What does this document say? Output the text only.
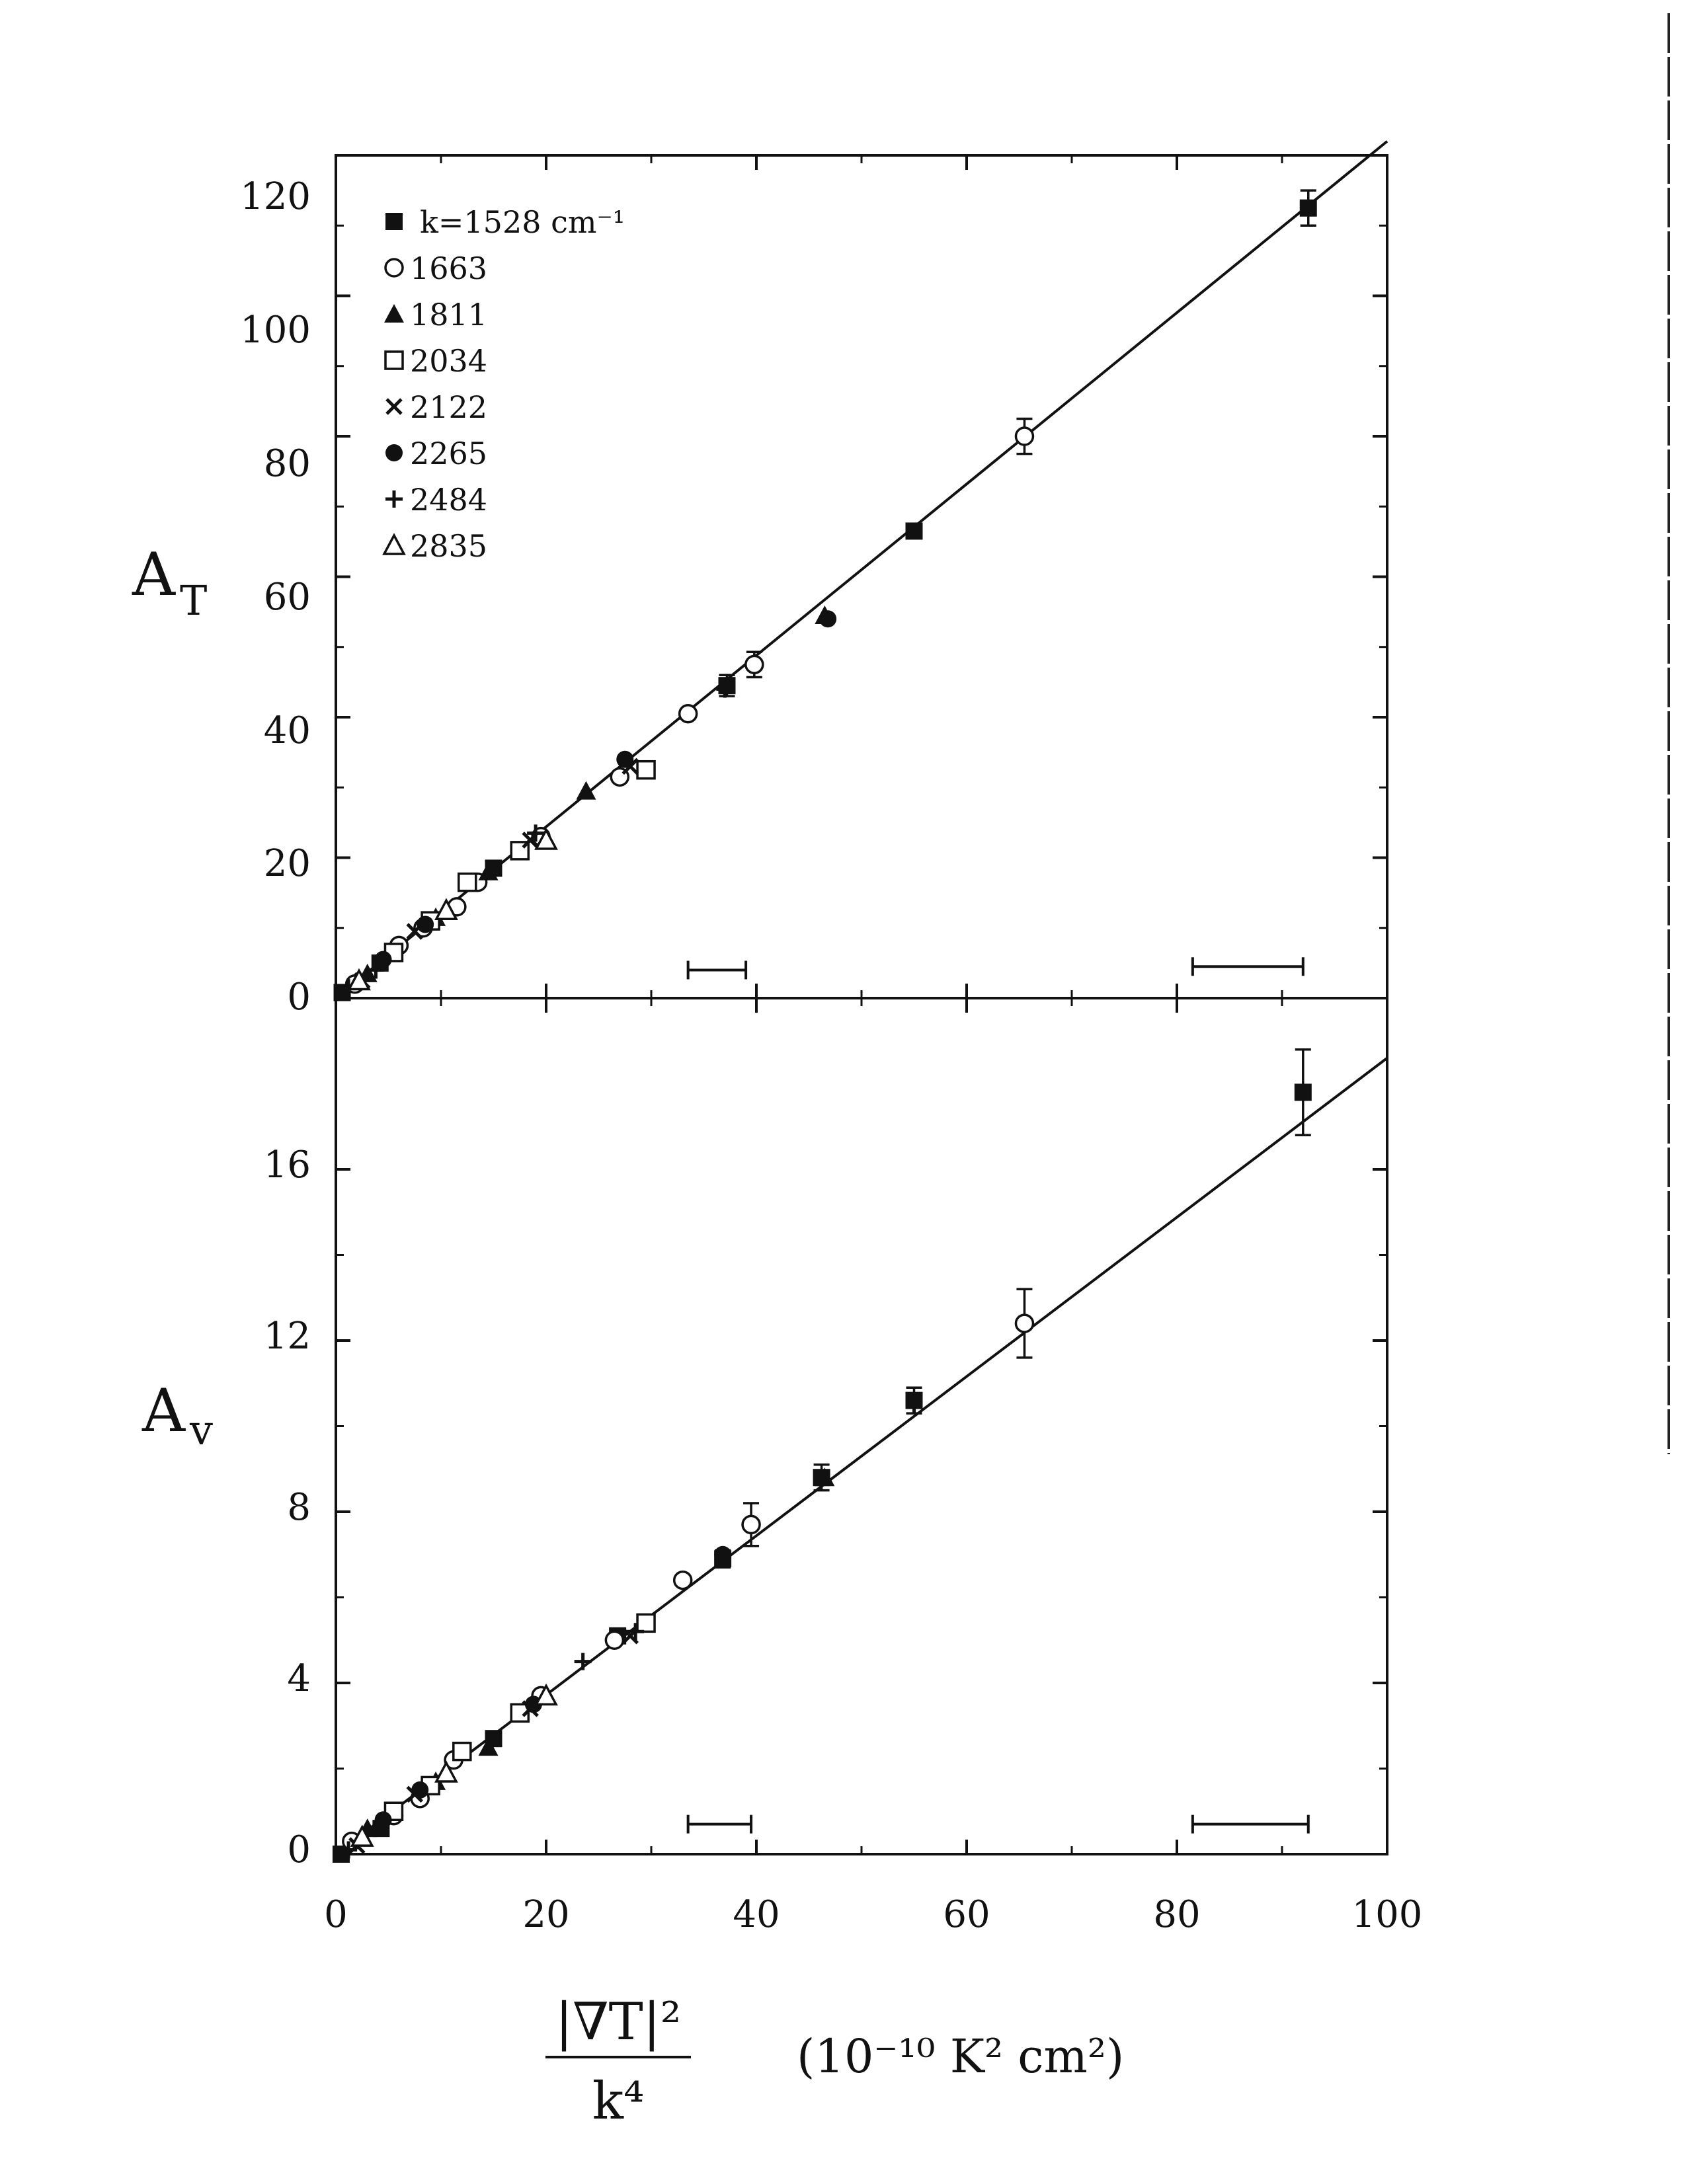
0
20
40
60
80
100
120
0
4
8
12
16
0	20	40	60	80	100
A T
A v
|∇T|²
k⁴
(10⁻¹⁰ K² cm²)
k=1528 cm⁻¹
1663
1811
2034
2122
2265
2484
2835
